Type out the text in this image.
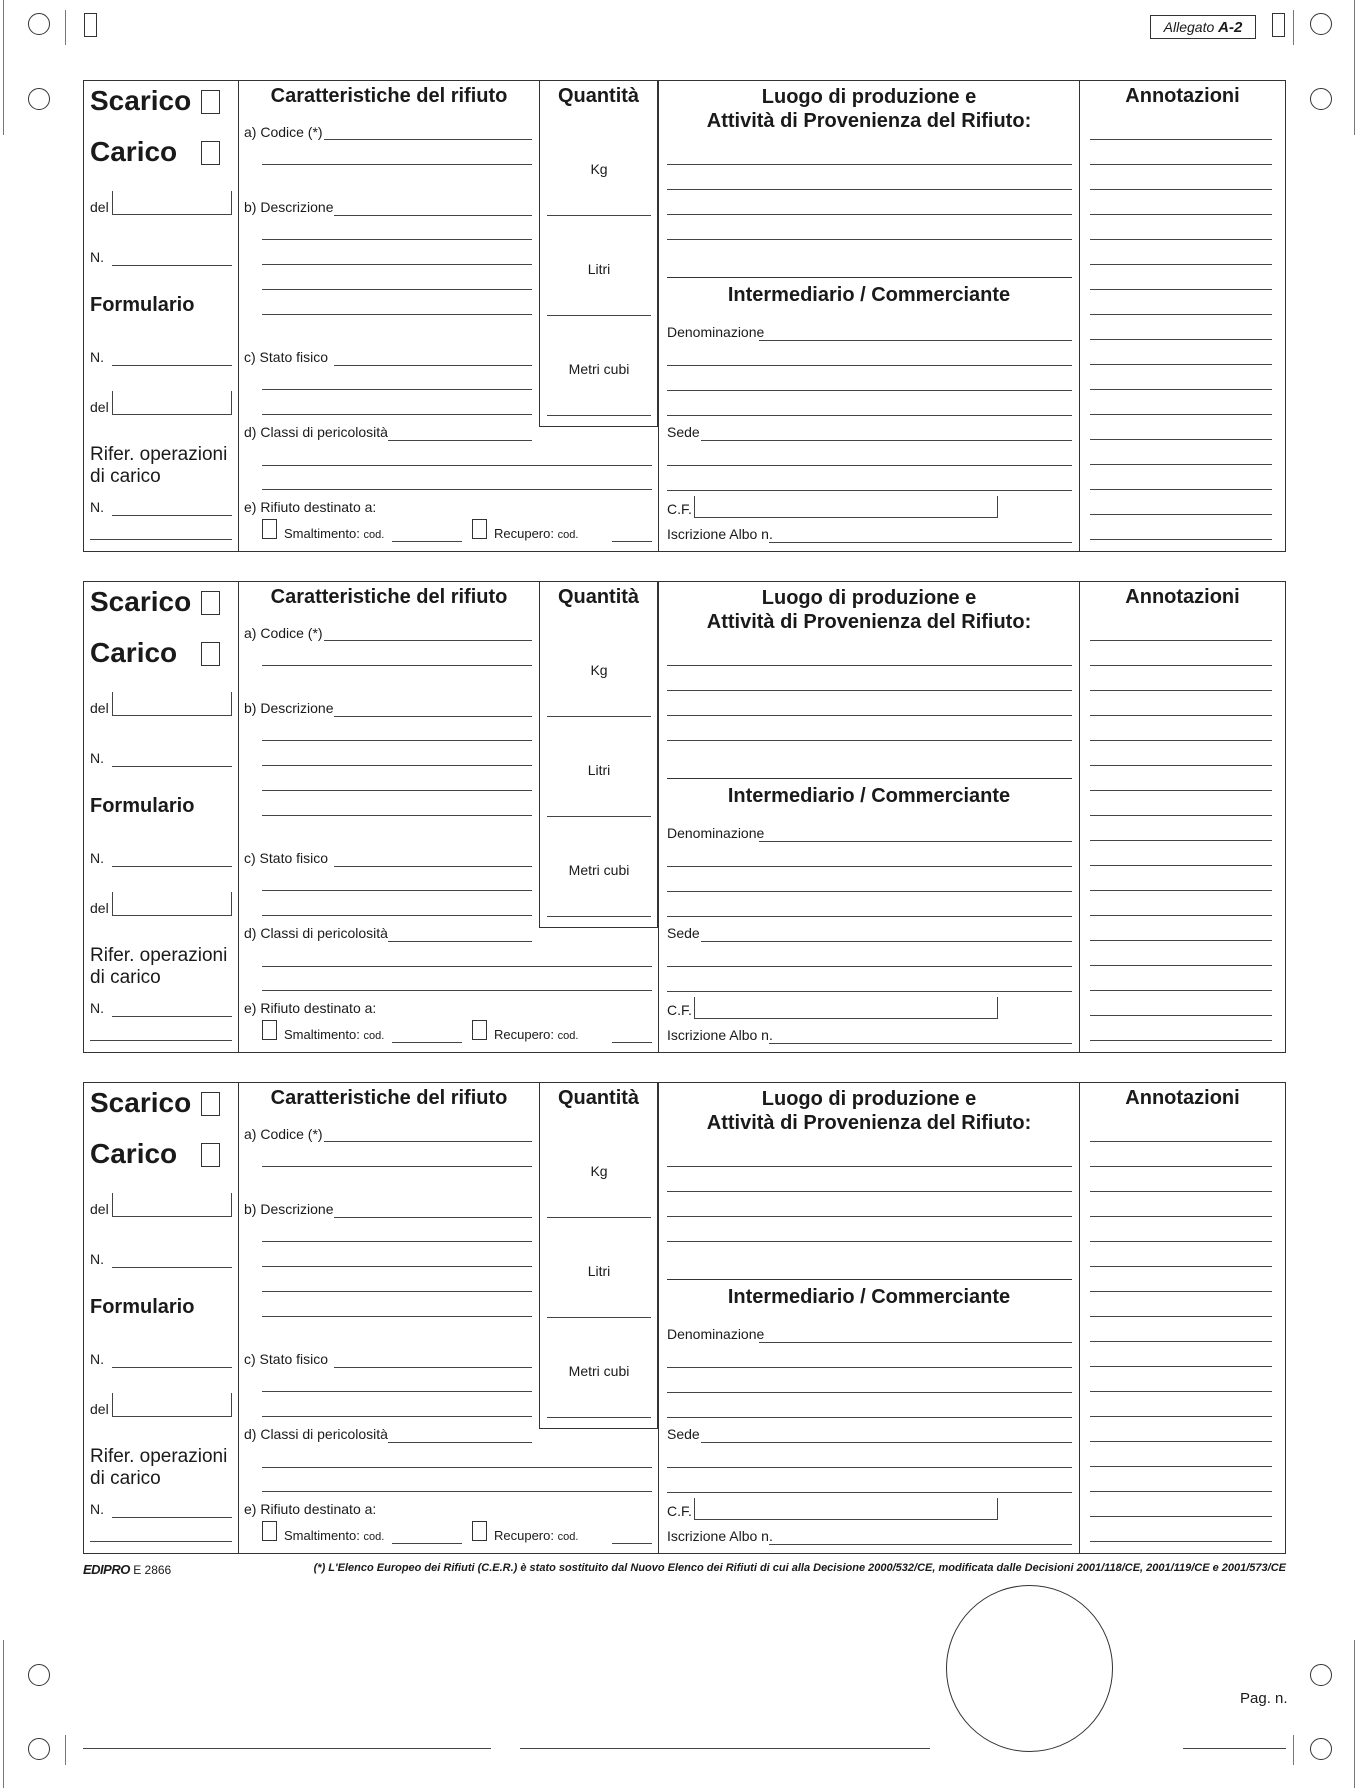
Allegato A-2
Scarico
Carico
del
N.
Formulario
N.
del
Rifer. operazioni
di carico
N.
Caratteristiche del rifiuto
a) Codice (*)
b) Descrizione
c) Stato fisico
d) Classi di pericolosità
e) Rifiuto destinato a:
Smaltimento: cod.	Recupero: cod.
Quantità
Kg
Litri
Metri cubi
Luogo di produzione e
Attività di Provenienza del Rifiuto:
Intermediario / Commerciante
Denominazione
Sede
C.F.
Iscrizione Albo n.
Annotazioni
Scarico
Carico
del
N.
Formulario
N.
del
Rifer. operazioni
di carico
N.
Caratteristiche del rifiuto
a) Codice (*)
b) Descrizione
c) Stato fisico
d) Classi di pericolosità
e) Rifiuto destinato a:
Smaltimento: cod.	Recupero: cod.
Quantità
Kg
Litri
Metri cubi
Luogo di produzione e
Attività di Provenienza del Rifiuto:
Intermediario / Commerciante
Denominazione
Sede
C.F.
Iscrizione Albo n.
Annotazioni
Scarico
Carico
del
N.
Formulario
N.
del
Rifer. operazioni
di carico
N.
Caratteristiche del rifiuto
a) Codice (*)
b) Descrizione
c) Stato fisico
d) Classi di pericolosità
e) Rifiuto destinato a:
Smaltimento: cod.	Recupero: cod.
Quantità
Kg
Litri
Metri cubi
Luogo di produzione e
Attività di Provenienza del Rifiuto:
Intermediario / Commerciante
Denominazione
Sede
C.F.
Iscrizione Albo n.
Annotazioni
EDIPRO E 2866	(*) L'Elenco Europeo dei Rifiuti (C.E.R.) è stato sostituito dal Nuovo Elenco dei Rifiuti di cui alla Decisione 2000/532/CE, modificata dalle Decisioni 2001/118/CE, 2001/119/CE e 2001/573/CE
Pag. n.
